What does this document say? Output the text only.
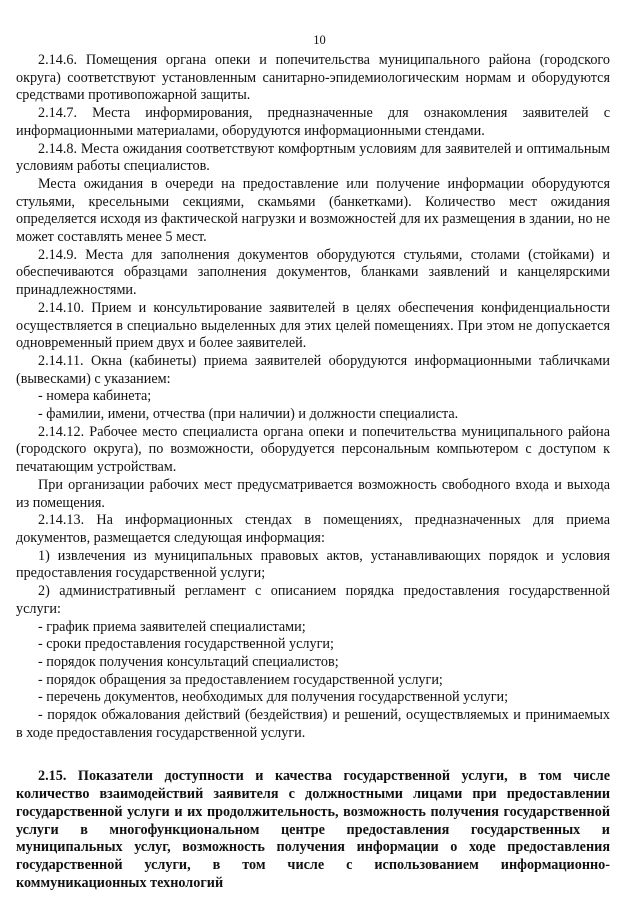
10

2.14.6. Помещения органа опеки и попечительства муниципального района (городского округа) соответствуют установленным санитарно-эпидемиологическим нормам и оборудуются средствами противопожарной защиты.

2.14.7. Места информирования, предназначенные для ознакомления заявителей с информационными материалами, оборудуются информационными стендами.

2.14.8. Места ожидания соответствуют комфортным условиям для заявителей и оптимальным условиям работы специалистов.

Места ожидания в очереди на предоставление или получение информации оборудуются стульями, кресельными секциями, скамьями (банкетками). Количество мест ожидания определяется исходя из фактической нагрузки и возможностей для их размещения в здании, но не может составлять менее 5 мест.

2.14.9. Места для заполнения документов оборудуются стульями, столами (стойками) и обеспечиваются образцами заполнения документов, бланками заявлений и канцелярскими принадлежностями.

2.14.10. Прием и консультирование заявителей в целях обеспечения конфиденциальности осуществляется в специально выделенных для этих целей помещениях. При этом не допускается одновременный прием двух и более заявителей.

2.14.11. Окна (кабинеты) приема заявителей оборудуются информационными табличками (вывесками) с указанием:

- номера кабинета;

- фамилии, имени, отчества (при наличии) и должности специалиста.

2.14.12. Рабочее место специалиста органа опеки и попечительства муниципального района (городского округа), по возможности, оборудуется персональным компьютером с доступом к печатающим устройствам.

При организации рабочих мест предусматривается возможность свободного входа и выхода из помещения.

2.14.13. На информационных стендах в помещениях, предназначенных для приема документов, размещается следующая информация:

1) извлечения из муниципальных правовых актов, устанавливающих порядок и условия предоставления государственной услуги;

2) административный регламент с описанием порядка предоставления государственной услуги:

- график приема заявителей специалистами;

- сроки предоставления государственной услуги;

- порядок получения консультаций специалистов;

- порядок обращения за предоставлением государственной услуги;

- перечень документов, необходимых для получения государственной услуги;

- порядок обжалования действий (бездействия) и решений, осуществляемых и принимаемых в ходе предоставления государственной услуги.

2.15. Показатели доступности и качества государственной услуги, в том числе количество взаимодействий заявителя с должностными лицами при предоставлении государственной услуги и их продолжительность, возможность получения государственной услуги в многофункциональном центре предоставления государственных и муниципальных услуг, возможность получения информации о ходе предоставления государственной услуги, в том числе с использованием информационно-коммуникационных технологий
